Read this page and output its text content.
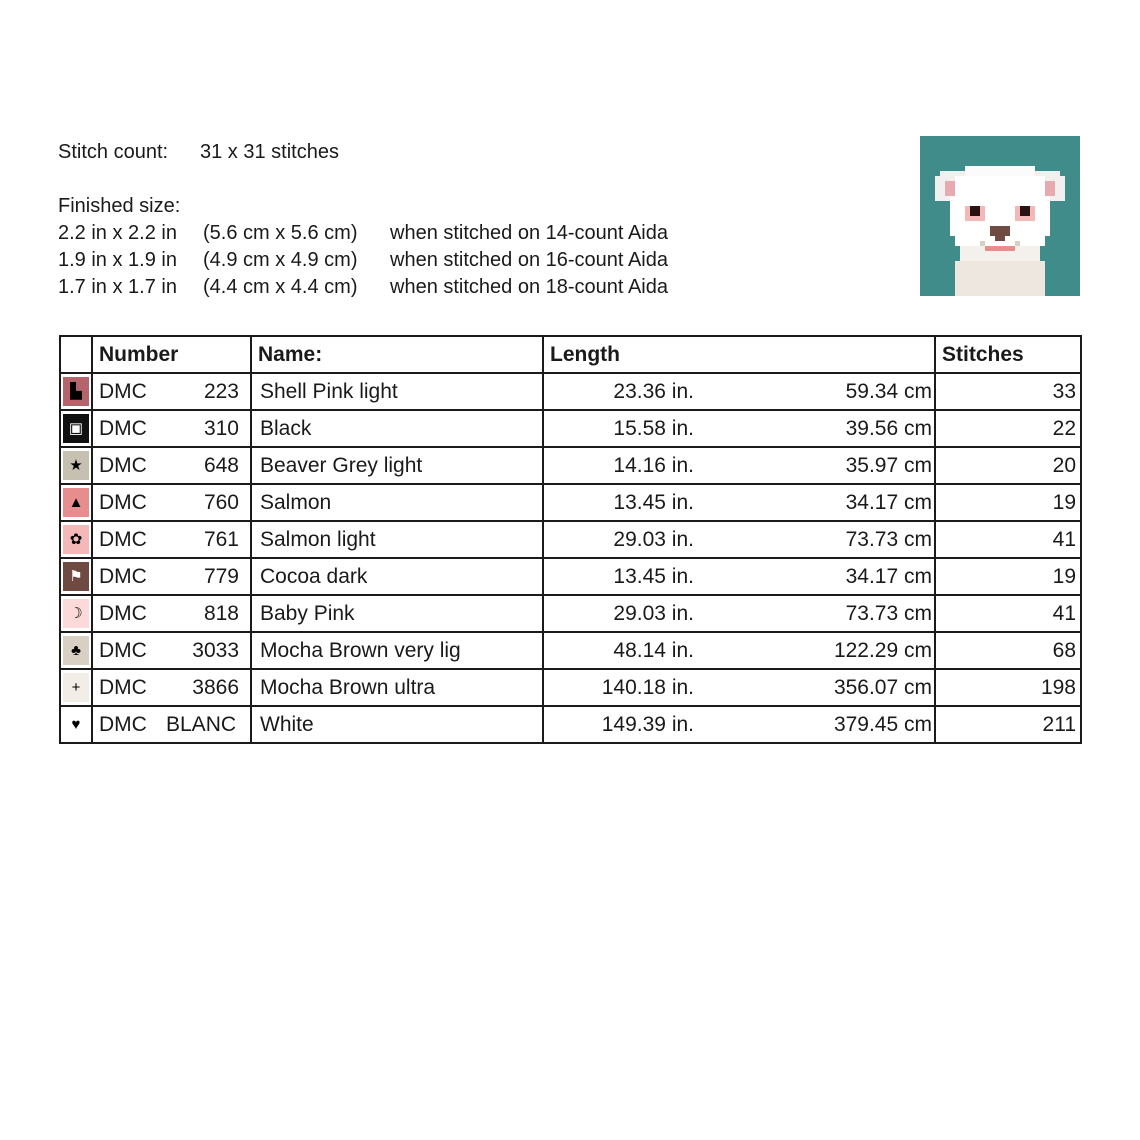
Stitch count: 31 x 31 stitches
Finished size:
2.2 in x 2.2 in (5.6 cm x 5.6 cm) when stitched on 14-count Aida
1.9 in x 1.9 in (4.9 cm x 4.9 cm) when stitched on 16-count Aida
1.7 in x 1.7 in (4.4 cm x 4.4 cm) when stitched on 18-count Aida
	Number	Name:	Length	Stitches
▙	DMC 223	Shell Pink light	23.36 in. 59.34 cm	33
▣	DMC 310	Black	15.58 in. 39.56 cm	22
★	DMC 648	Beaver Grey light	14.16 in. 35.97 cm	20
▲	DMC 760	Salmon	13.45 in. 34.17 cm	19
✿	DMC 761	Salmon light	29.03 in. 73.73 cm	41
⚑	DMC 779	Cocoa dark	13.45 in. 34.17 cm	19
☽	DMC 818	Baby Pink	29.03 in. 73.73 cm	41
♣	DMC 3033	Mocha Brown very lig	48.14 in. 122.29 cm	68
+	DMC 3866	Mocha Brown ultra	140.18 in. 356.07 cm	198
♥	DMC BLANC	White	149.39 in. 379.45 cm	211
